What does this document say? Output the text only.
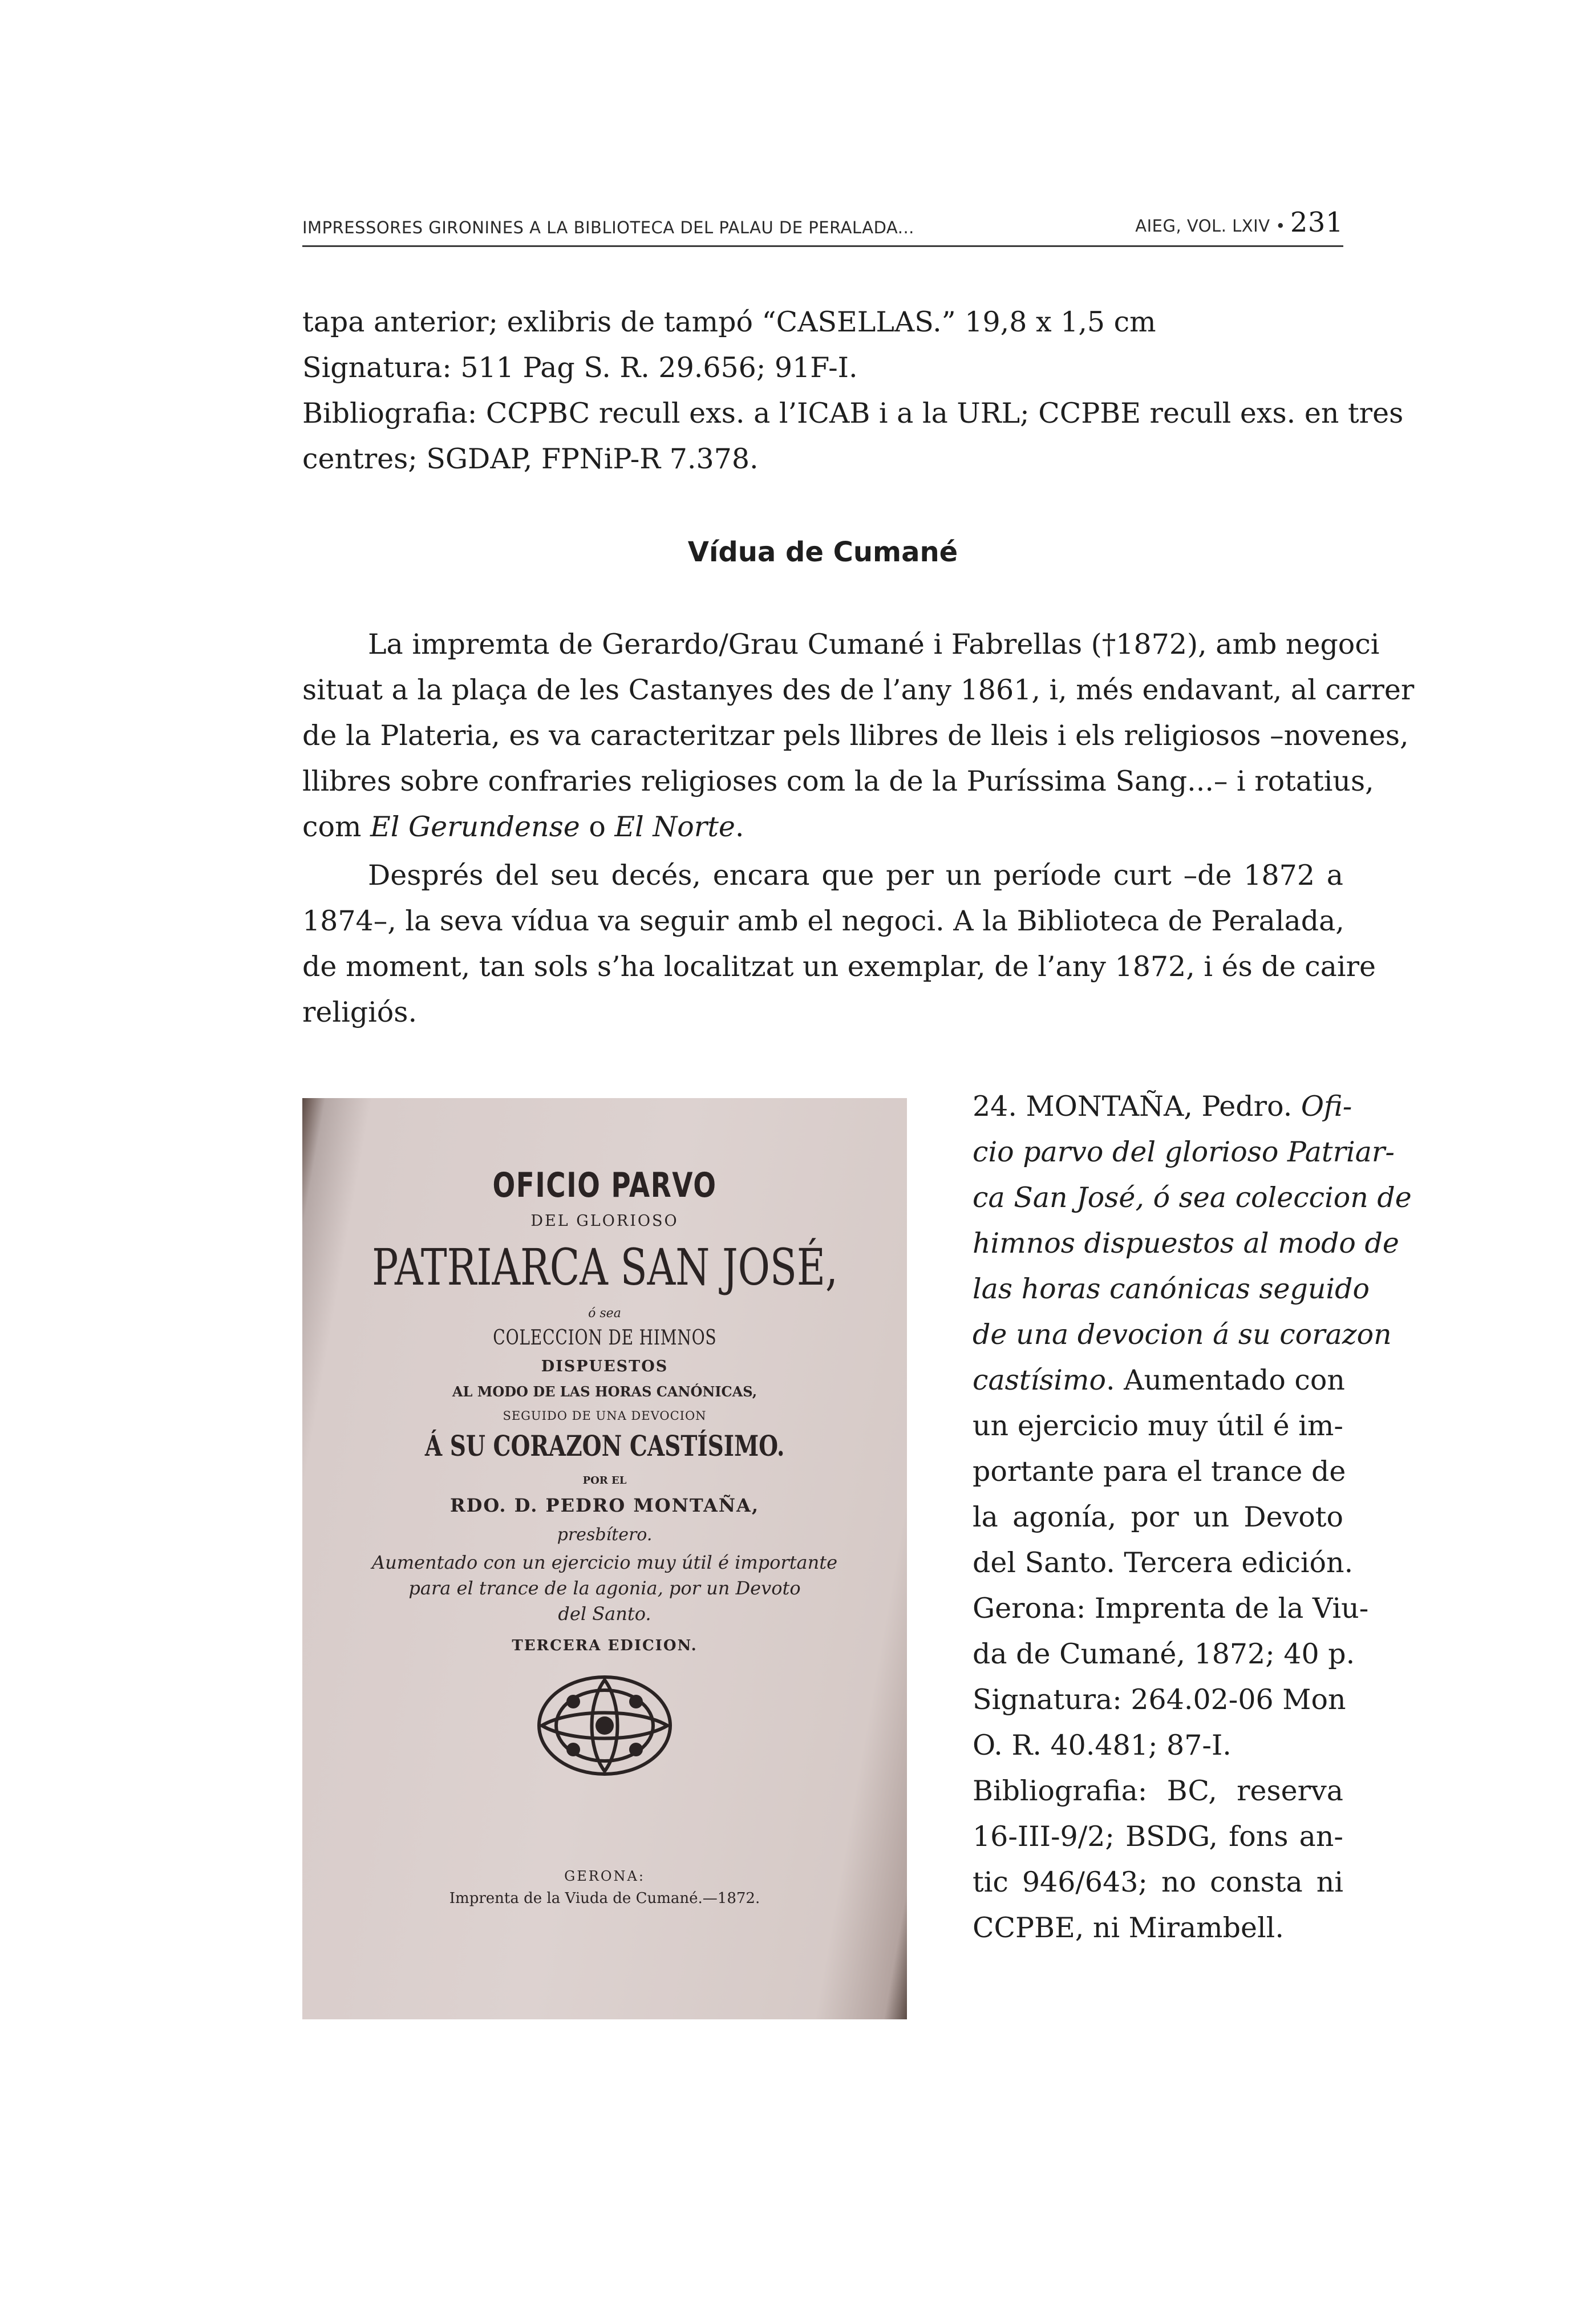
IMPRESSORES GIRONINES A LA BIBLIOTECA DEL PALAU DE PERALADA...	AIEG, VOL. LXIV • 231
tapa anterior; exlibris de tampó “CASELLAS.” 19,8 x 1,5 cm
Signatura: 511 Pag S. R. 29.656; 91F-I.
Bibliografia: CCPBC recull exs. a l’ICAB i a la URL; CCPBE recull exs. en tres
centres; SGDAP, FPNiP-R 7.378.
Vídua de Cumané
La impremta de Gerardo/Grau Cumané i Fabrellas (†1872), amb negoci
situat a la plaça de les Castanyes des de l’any 1861, i, més endavant, al carrer
de la Plateria, es va caracteritzar pels llibres de lleis i els religiosos –novenes,
llibres sobre confraries religioses com la de la Puríssima Sang...– i rotatius,
com El Gerundense o El Norte.
Després del seu decés, encara que per un període curt –de 1872 a
1874–, la seva vídua va seguir amb el negoci. A la Biblioteca de Peralada,
de moment, tan sols s’ha localitzat un exemplar, de l’any 1872, i és de caire
religiós.
OFICIO PARVO
DEL GLORIOSO
PATRIARCA SAN JOSÉ,
ó sea
COLECCION DE HIMNOS
DISPUESTOS
AL MODO DE LAS HORAS CANÓNICAS,
SEGUIDO DE UNA DEVOCION
Á SU CORAZON CASTÍSIMO.
POR EL
RDO. D. PEDRO MONTAÑA,
presbítero.
Aumentado con un ejercicio muy útil é importante
para el trance de la agonia, por un Devoto
del Santo.
TERCERA EDICION.
GERONA:
Imprenta de la Viuda de Cumané.—1872.
24. MONTAÑA, Pedro. Ofi-
cio parvo del glorioso Patriar-
ca San José, ó sea coleccion de
himnos dispuestos al modo de
las horas canónicas seguido
de una devocion á su corazon
castísimo. Aumentado con
un ejercicio muy útil é im-
portante para el trance de
la agonía, por un Devoto
del Santo. Tercera edición.
Gerona: Imprenta de la Viu-
da de Cumané, 1872; 40 p.
Signatura: 264.02-06 Mon
O. R. 40.481; 87-I.
Bibliografia: BC, reserva
16-III-9/2; BSDG, fons an-
tic 946/643; no consta ni
CCPBE, ni Mirambell.
